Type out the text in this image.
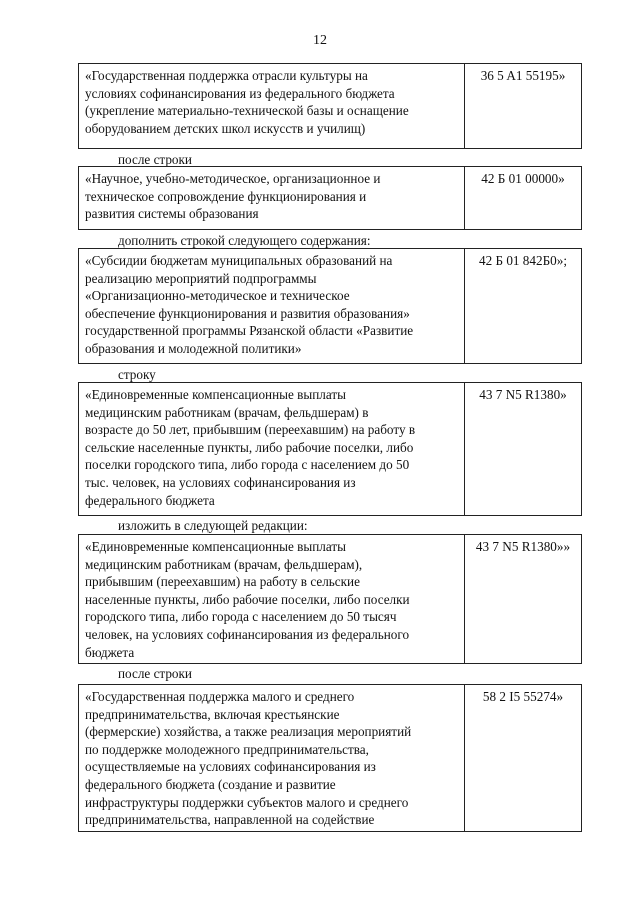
12
«Государственная поддержка отрасли культуры на
условиях софинансирования из федерального бюджета
(укрепление материально-технической базы и оснащение
оборудованием детских школ искусств и училищ)
36 5 A1 55195»
после строки
«Научное, учебно-методическое, организационное и
техническое сопровождение функционирования и
развития системы образования
42 Б 01 00000»
дополнить строкой следующего содержания:
«Субсидии бюджетам муниципальных образований на
реализацию мероприятий подпрограммы
«Организационно-методическое и техническое
обеспечение функционирования и развития образования»
государственной программы Рязанской области «Развитие
образования и молодежной политики»
42 Б 01 842Б0»;
строку
«Единовременные компенсационные выплаты
медицинским работникам (врачам, фельдшерам) в
возрасте до 50 лет, прибывшим (переехавшим) на работу в
сельские населенные пункты, либо рабочие поселки, либо
поселки городского типа, либо города с населением до 50
тыс. человек, на условиях софинансирования из
федерального бюджета
43 7 N5 R1380»
изложить в следующей редакции:
«Единовременные компенсационные выплаты
медицинским работникам (врачам, фельдшерам),
прибывшим (переехавшим) на работу в сельские
населенные пункты, либо рабочие поселки, либо поселки
городского типа, либо города с населением до 50 тысяч
человек, на условиях софинансирования из федерального
бюджета
43 7 N5 R1380»»
после строки
«Государственная поддержка малого и среднего
предпринимательства, включая крестьянские
(фермерские) хозяйства, а также реализация мероприятий
по поддержке молодежного предпринимательства,
осуществляемые на условиях софинансирования из
федерального бюджета (создание и развитие
инфраструктуры поддержки субъектов малого и среднего
предпринимательства, направленной на содействие
58 2 I5 55274»
